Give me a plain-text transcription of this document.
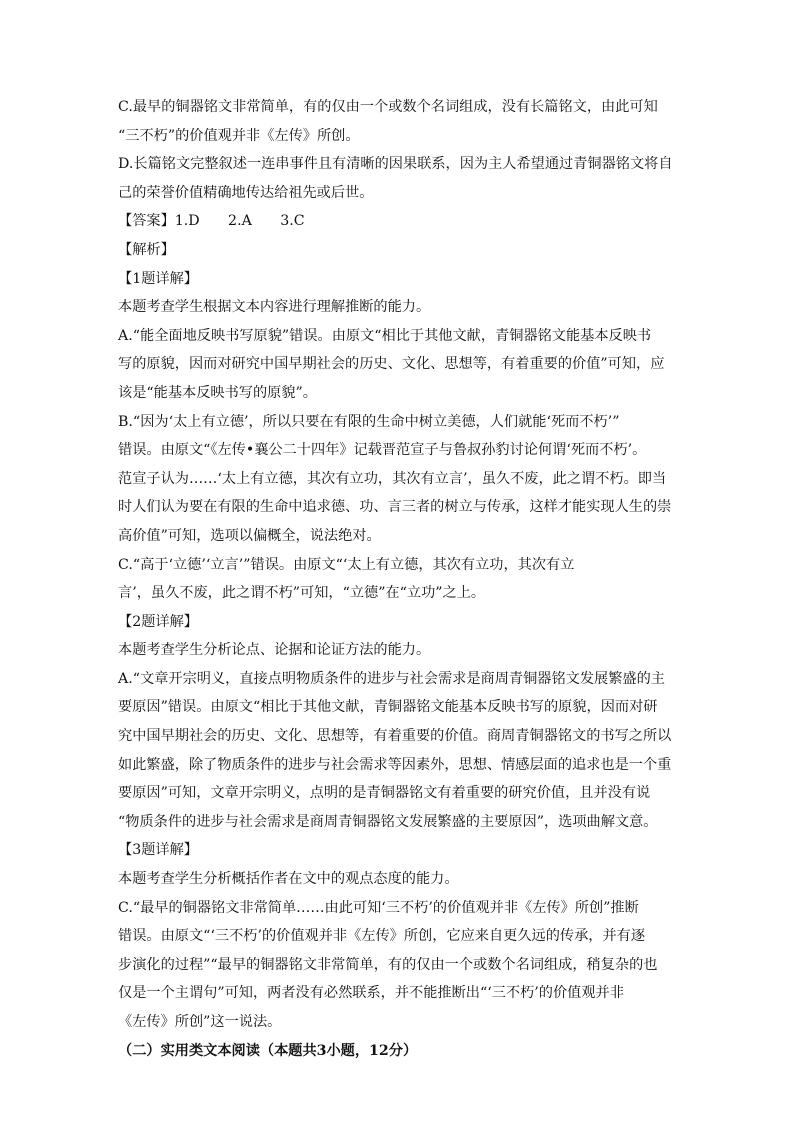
C.最早的铜器铭文非常简单，有的仅由一个或数个名词组成，没有长篇铭文，由此可知
“三不朽”的价值观并非《左传》所创。
D.长篇铭文完整叙述一连串事件且有清晰的因果联系，因为主人希望通过青铜器铭文将自
己的荣誉价值精确地传达给祖先或后世。
【答案】1.D　　2.A　　3.C
【解析】
【1题详解】
本题考查学生根据文本内容进行理解推断的能力。
A.“能全面地反映书写原貌”错误。由原文“相比于其他文献，青铜器铭文能基本反映书
写的原貌，因而对研究中国早期社会的历史、文化、思想等，有着重要的价值”可知，应
该是“能基本反映书写的原貌”。
B.“因为‘太上有立德’，所以只要在有限的生命中树立美德，人们就能‘死而不朽’”
错误。由原文“《左传•襄公二十四年》记载晋范宣子与鲁叔孙豹讨论何谓‘死而不朽’。
范宣子认为……‘太上有立德，其次有立功，其次有立言’，虽久不废，此之谓不朽。即当
时人们认为要在有限的生命中追求德、功、言三者的树立与传承，这样才能实现人生的崇
高价值”可知，选项以偏概全，说法绝对。
C.“高于‘立德’‘立言’”错误。由原文“‘太上有立德，其次有立功，其次有立
言’，虽久不废，此之谓不朽”可知，“立德”在“立功”之上。
【2题详解】
本题考查学生分析论点、论据和论证方法的能力。
A.“文章开宗明义，直接点明物质条件的进步与社会需求是商周青铜器铭文发展繁盛的主
要原因”错误。由原文“相比于其他文献，青铜器铭文能基本反映书写的原貌，因而对研
究中国早期社会的历史、文化、思想等，有着重要的价值。商周青铜器铭文的书写之所以
如此繁盛，除了物质条件的进步与社会需求等因素外，思想、情感层面的追求也是一个重
要原因”可知，文章开宗明义，点明的是青铜器铭文有着重要的研究价值，且并没有说
“物质条件的进步与社会需求是商周青铜器铭文发展繁盛的主要原因”，选项曲解文意。
【3题详解】
本题考查学生分析概括作者在文中的观点态度的能力。
C.“最早的铜器铭文非常简单……由此可知‘三不朽’的价值观并非《左传》所创”推断
错误。由原文“‘三不朽’的价值观并非《左传》所创，它应来自更久远的传承，并有逐
步演化的过程”“最早的铜器铭文非常简单，有的仅由一个或数个名词组成，稍复杂的也
仅是一个主谓句”可知，两者没有必然联系，并不能推断出“‘三不朽’的价值观并非
《左传》所创”这一说法。
（二）实用类文本阅读（本题共3小题，12分）
